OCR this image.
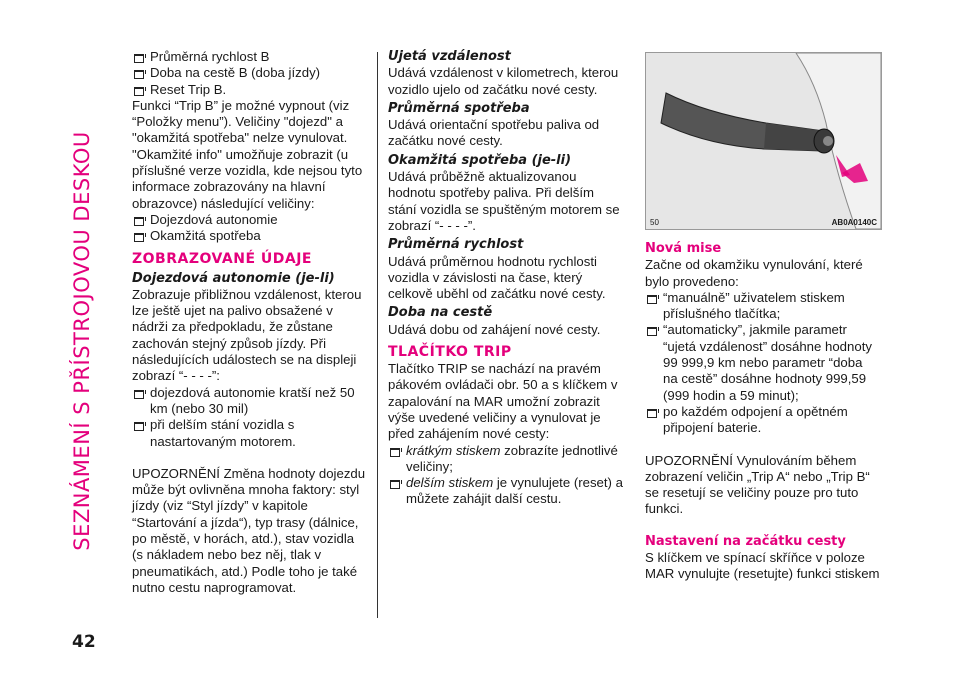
SEZNÁMENÍ S PŘÍSTROJOVOU DESKOU
42
Průměrná rychlost B
Doba na cestě B (doba jízdy)
Reset Trip B.

Funkci “Trip B” je možné vypnout (viz “Položky menu”). Veličiny "dojezd" a "okamžitá spotřeba" nelze vynulovat. "Okamžité info" umožňuje zobrazit (u příslušné verze vozidla, kde nejsou tyto informace zobrazovány na hlavní obrazovce) následující veličiny:

Dojezdová autonomie
Okamžitá spotřeba
ZOBRAZOVANÉ ÚDAJE
Dojezdová autonomie (je-li)

Zobrazuje přibližnou vzdálenost, kterou lze ještě ujet na palivo obsažené v nádrži za předpokladu, že zůstane zachován stejný způsob jízdy. Při následujících událostech se na displeji zobrazí “- - - -”:

dojezdová autonomie kratší než 50 km (nebo 30 mil)
při delším stání vozidla s nastartovaným motorem.

UPOZORNĚNÍ Změna hodnoty dojezdu může být ovlivněna mnoha faktory: styl jízdy (viz “Styl jízdy” v kapitole “Startování a jízda“), typ trasy (dálnice, po městě, v horách, atd.), stav vozidla (s nákladem nebo bez něj, tlak v pneumatikách, atd.) Podle toho je také nutno cestu naprogramovat.

Ujetá vzdálenost

Udává vzdálenost v kilometrech, kterou vozidlo ujelo od začátku nové cesty.

Průměrná spotřeba

Udává orientační spotřebu paliva od začátku nové cesty.

Okamžitá spotřeba (je-li)

Udává průběžně aktualizovanou hodnotu spotřeby paliva. Při delším stání vozidla se spuštěným motorem se zobrazí “- - - -”.

Průměrná rychlost

Udává průměrnou hodnotu rychlosti vozidla v závislosti na čase, který celkově uběhl od začátku nové cesty.

Doba na cestě

Udává dobu od zahájení nové cesty.

TLAČÍTKO TRIP

Tlačítko TRIP se nachází na pravém pákovém ovládači obr. 50 a s klíčkem v zapalování na MAR umožní zobrazit výše uvedené veličiny a vynulovat je před zahájením nové cesty:

krátkým stiskem zobrazíte jednotlivé veličiny;
delším stiskem je vynulujete (reset) a můžete zahájit další cestu.
50	AB0A0140C
Nová mise

Začne od okamžiku vynulování, které bylo provedeno:

“manuálně” uživatelem stiskem příslušného tlačítka;
“automaticky”, jakmile parametr “ujetá vzdálenost” dosáhne hodnoty 99 999,9 km nebo parametr “doba na cestě” dosáhne hodnoty 999,59 (999 hodin a 59 minut);
po každém odpojení a opětném připojení baterie.

UPOZORNĚNÍ Vynulováním během zobrazení veličin „Trip A“ nebo „Trip B“ se resetují se veličiny pouze pro tuto funkci.

Nastavení na začátku cesty

S klíčkem ve spínací skříňce v poloze MAR vynulujte (resetujte) funkci stiskem
